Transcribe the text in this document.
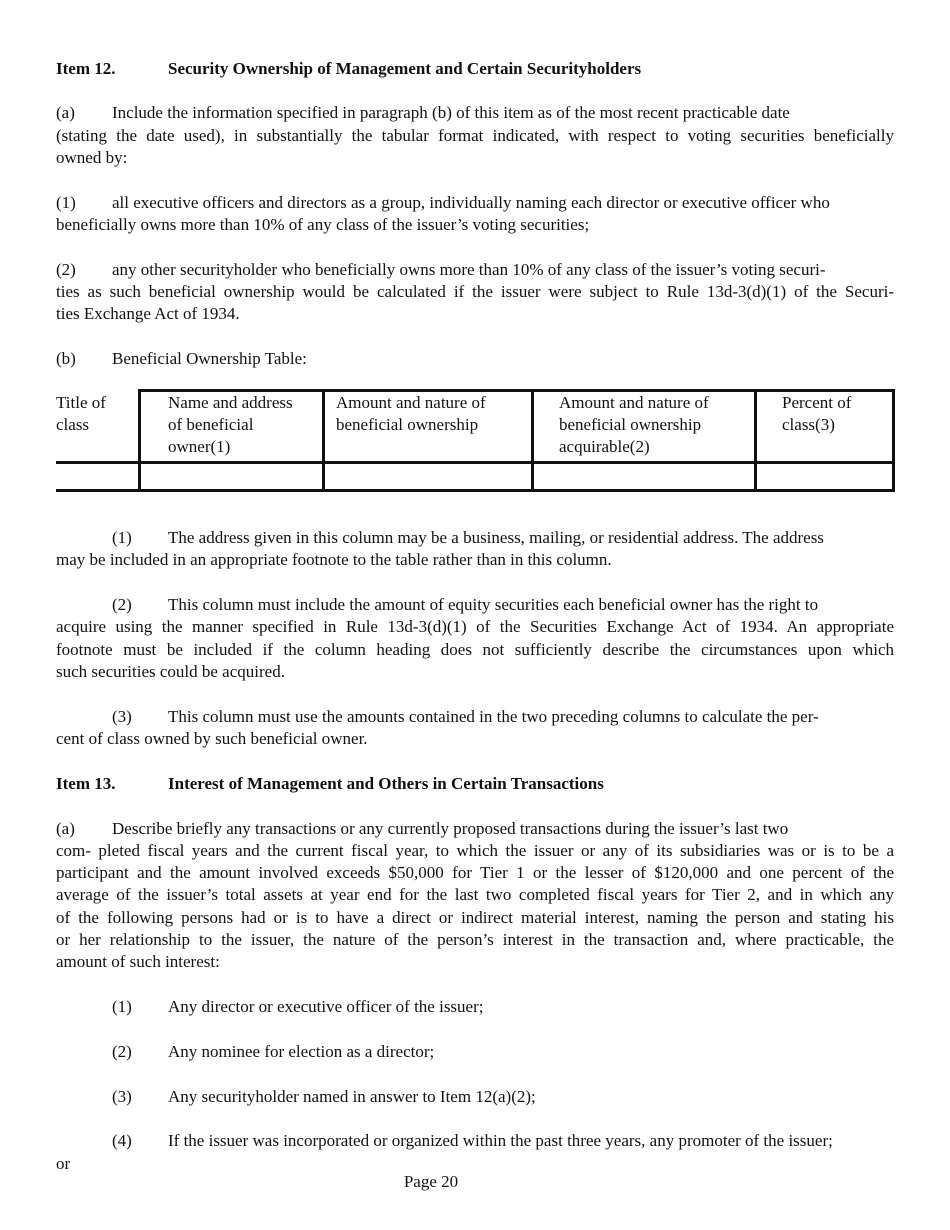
Item 12.	Security Ownership of Management and Certain Securityholders
(a) Include the information specified in paragraph (b) of this item as of the most recent practicable date
(stating the date used), in substantially the tabular format indicated, with respect to voting securities beneficially
owned by:
(1) all executive officers and directors as a group, individually naming each director or executive officer who
beneficially owns more than 10% of any class of the issuer’s voting securities;
(2) any other securityholder who beneficially owns more than 10% of any class of the issuer’s voting securi-
ties as such beneficial ownership would be calculated if the issuer were subject to Rule 13d-3(d)(1) of the Securi-
ties Exchange Act of 1934.
(b) Beneficial Ownership Table:
Title of
class
Name and address
of beneficial
owner(1)
Amount and nature of
beneficial ownership
Amount and nature of
beneficial ownership
acquirable(2)
Percent of
class(3)
(1) The address given in this column may be a business, mailing, or residential address. The address
may be included in an appropriate footnote to the table rather than in this column.
(2) This column must include the amount of equity securities each beneficial owner has the right to
acquire using the manner specified in Rule 13d-3(d)(1) of the Securities Exchange Act of 1934. An appropriate
footnote must be included if the column heading does not sufficiently describe the circumstances upon which
such securities could be acquired.
(3) This column must use the amounts contained in the two preceding columns to calculate the per-
cent of class owned by such beneficial owner.
Item 13.	Interest of Management and Others in Certain Transactions
(a) Describe briefly any transactions or any currently proposed transactions during the issuer’s last two
com- pleted fiscal years and the current fiscal year, to which the issuer or any of its subsidiaries was or is to be a
participant and the amount involved exceeds $50,000 for Tier 1 or the lesser of $120,000 and one percent of the
average of the issuer’s total assets at year end for the last two completed fiscal years for Tier 2, and in which any
of the following persons had or is to have a direct or indirect material interest, naming the person and stating his
or her relationship to the issuer, the nature of the person’s interest in the transaction and, where practicable, the
amount of such interest:
(1) Any director or executive officer of the issuer;
(2) Any nominee for election as a director;
(3) Any securityholder named in answer to Item 12(a)(2);
(4) If the issuer was incorporated or organized within the past three years, any promoter of the issuer;
or
Page 20
